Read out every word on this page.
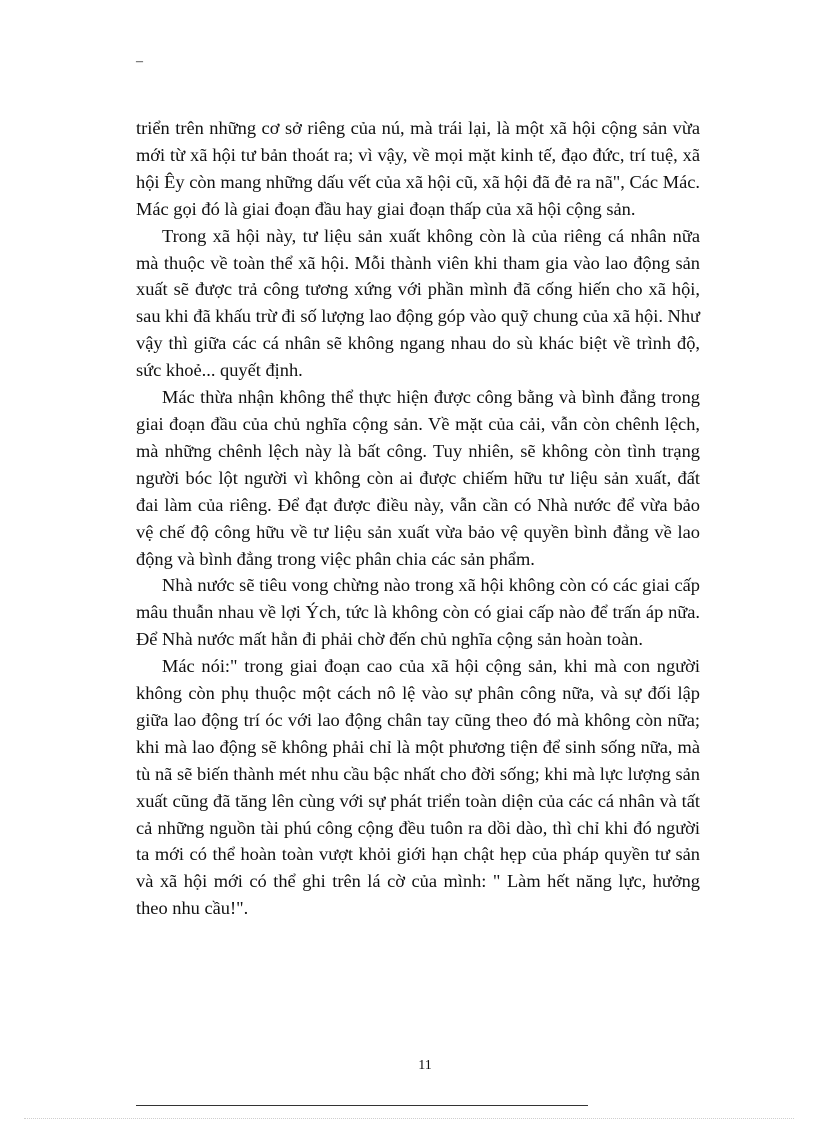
–

triển trên những cơ sở riêng của nú, mà trái lại, là một xã hội cộng sản vừa mới từ xã hội tư bản thoát ra; vì vậy, về mọi mặt kinh tế, đạo đức, trí tuệ, xã hội Êy còn mang những dấu vết của xã hội cũ, xã hội đã đẻ ra nã", Các Mác. Mác gọi đó là giai đoạn đầu hay giai đoạn thấp của xã hội cộng sản.

Trong xã hội này, tư liệu sản xuất không còn là của riêng cá nhân nữa mà thuộc về toàn thể xã hội. Mỗi thành viên khi tham gia vào lao động sản xuất sẽ được trả công tương xứng với phần mình đã cống hiến cho xã hội, sau khi đã khấu trừ đi số lượng lao động góp vào quỹ chung của xã hội. Như vậy thì giữa các cá nhân sẽ không ngang nhau do sù khác biệt về trình độ, sức khoẻ... quyết định.

Mác thừa nhận không thể thực hiện được công bằng và bình đẳng trong giai đoạn đầu của chủ nghĩa cộng sản. Về mặt của cải, vẫn còn chênh lệch, mà những chênh lệch này là bất công. Tuy nhiên, sẽ không còn tình trạng người bóc lột người vì không còn ai được chiếm hữu tư liệu sản xuất, đất đai làm của riêng. Để đạt được điều này, vẫn cần có Nhà nước để vừa bảo vệ chế độ công hữu về tư liệu sản xuất vừa bảo vệ quyền bình đẳng về lao động và bình đẳng trong việc phân chia các sản phẩm.

Nhà nước sẽ tiêu vong chừng nào trong xã hội không còn có các giai cấp mâu thuẫn nhau về lợi Ých, tức là không còn có giai cấp nào để trấn áp nữa. Để Nhà nước mất hẳn đi phải chờ đến chủ nghĩa cộng sản hoàn toàn.

Mác nói:" trong giai đoạn cao của xã hội cộng sản, khi mà con người không còn phụ thuộc một cách nô lệ vào sự phân công nữa, và sự đối lập giữa lao động trí óc với lao động chân tay cũng theo đó mà không còn nữa; khi mà lao động sẽ không phải chỉ là một phương tiện để sinh sống nữa, mà tù nã sẽ biến thành mét nhu cầu bậc nhất cho đời sống; khi mà lực lượng sản xuất cũng đã tăng lên cùng với sự phát triển toàn diện của các cá nhân và tất cả những nguồn tài phú công cộng đều tuôn ra dồi dào, thì chỉ khi đó người ta mới có thể hoàn toàn vượt khỏi giới hạn chật hẹp của pháp quyền tư sản và xã hội mới có thể ghi trên lá cờ của mình: " Làm hết năng lực, hưởng theo nhu cầu!".

11
